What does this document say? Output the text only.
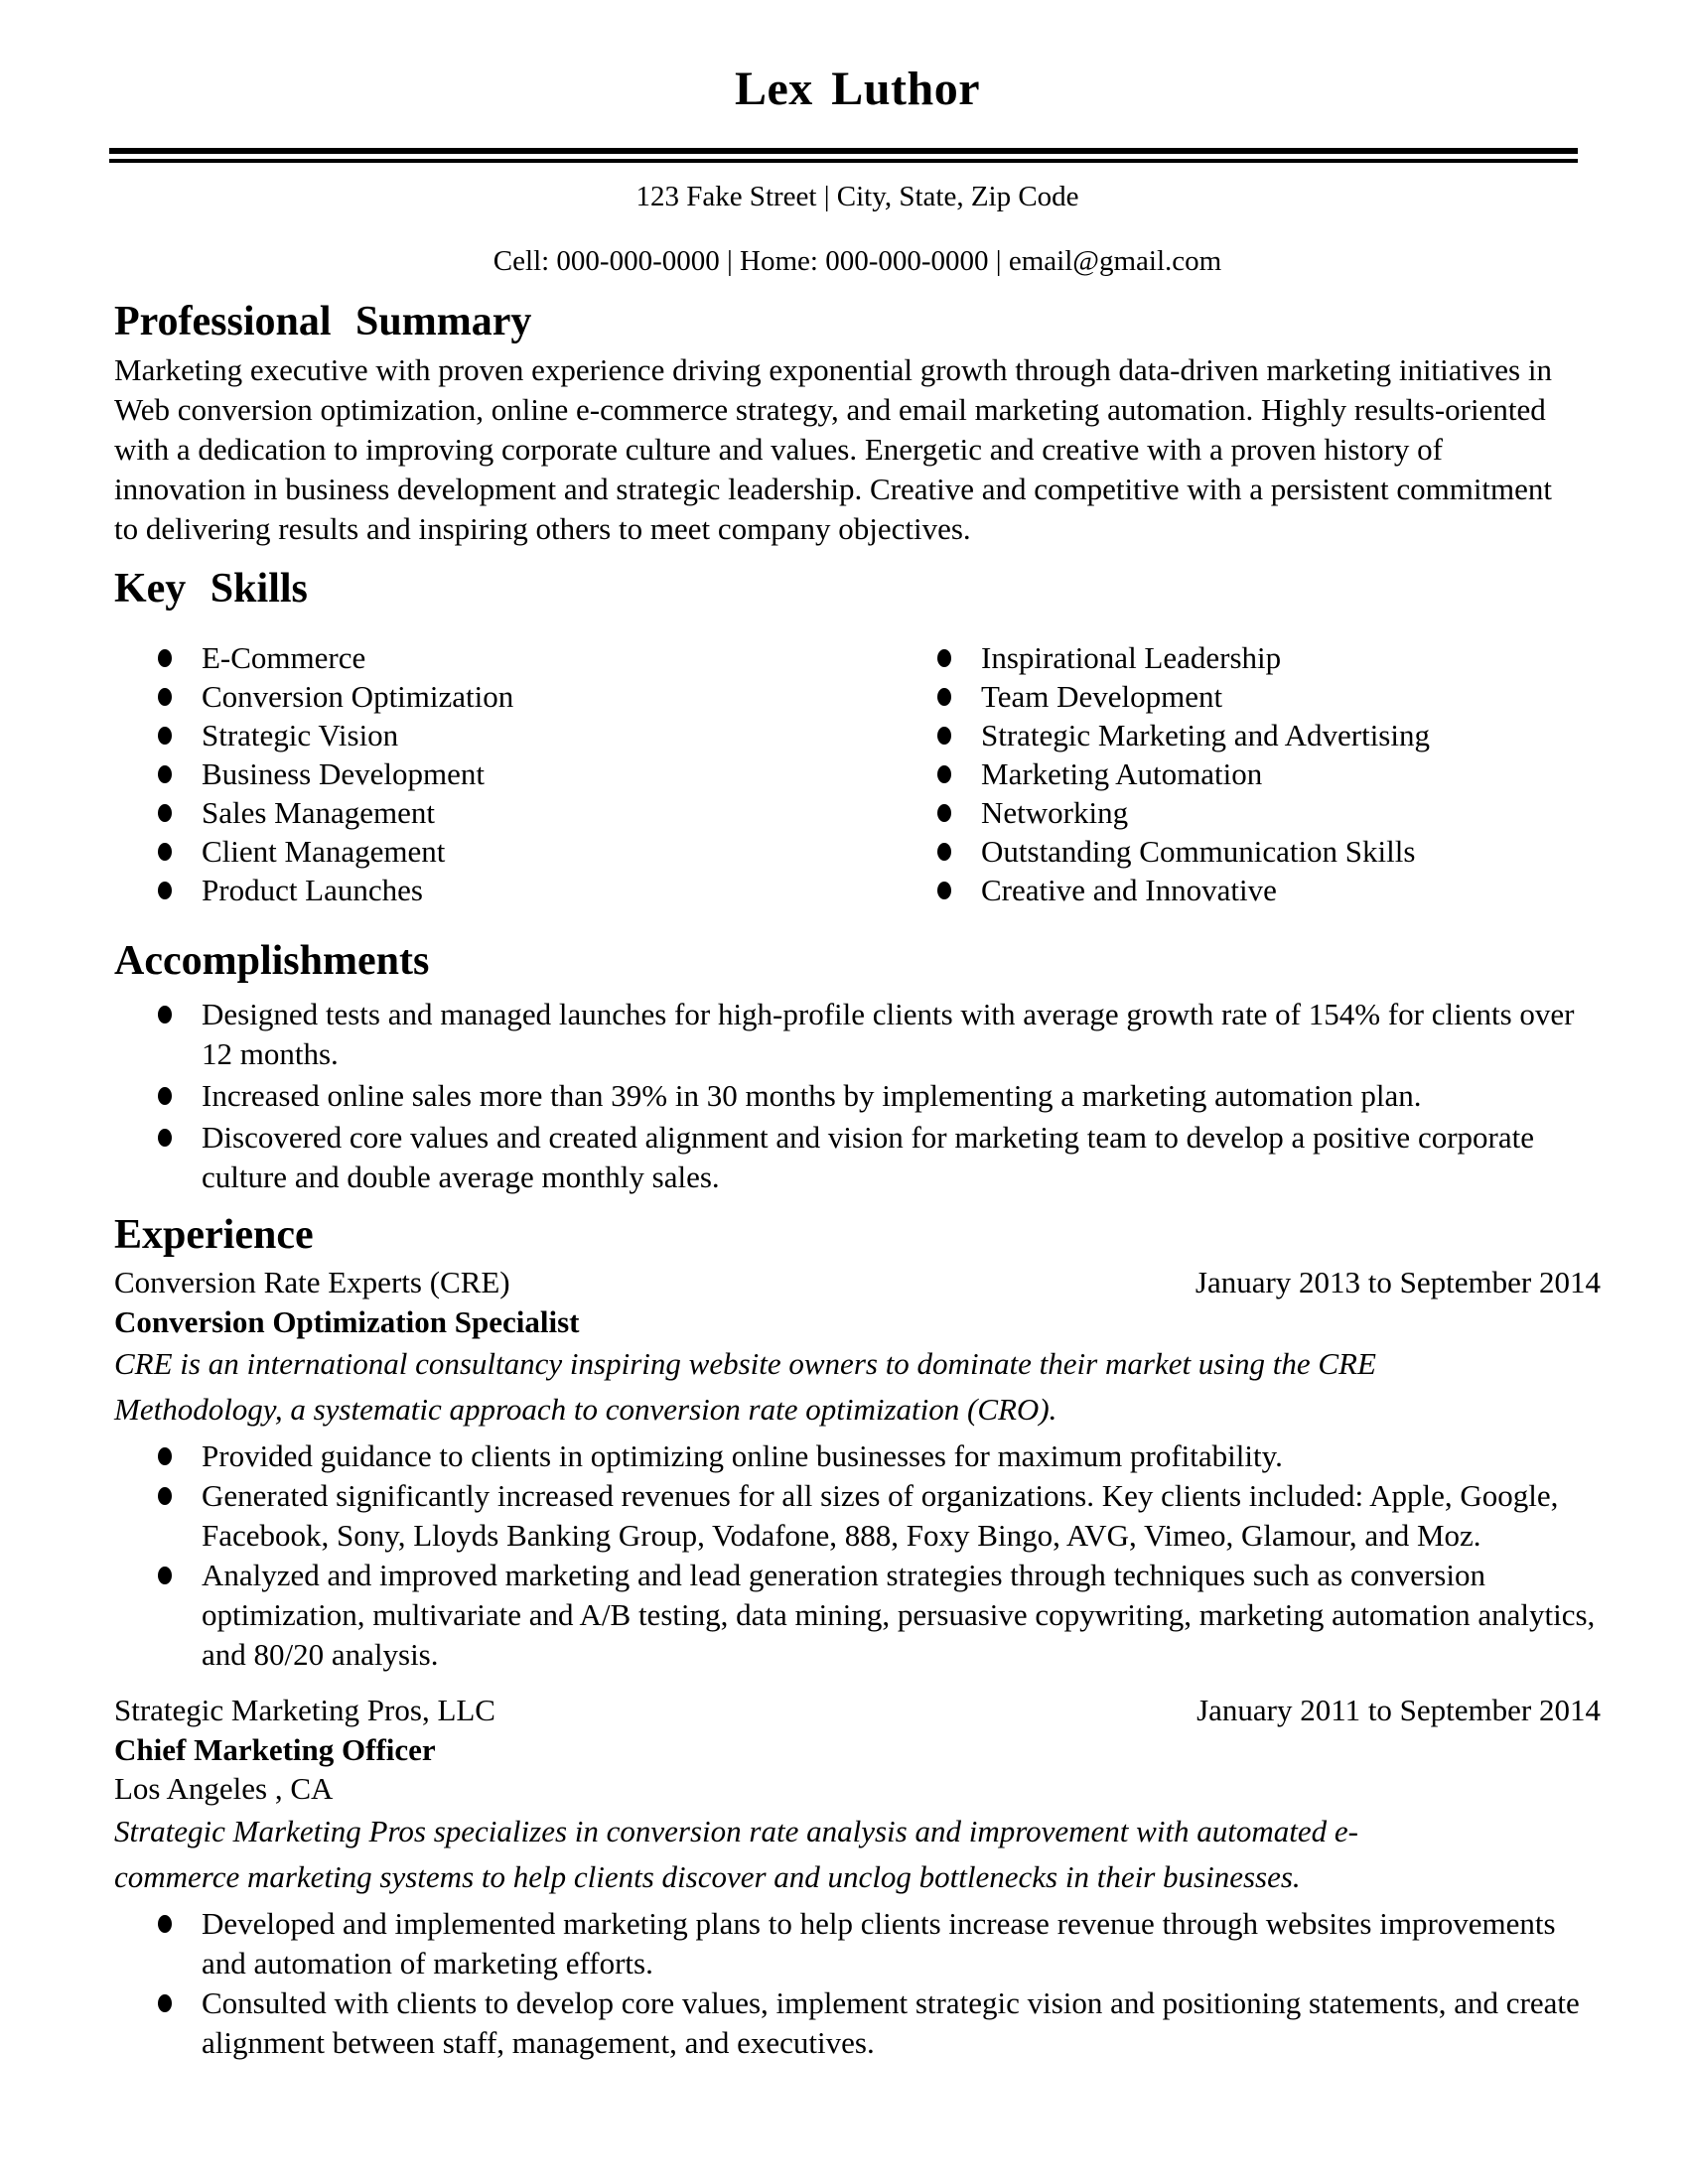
Lex Luthor
123 Fake Street | City, State, Zip Code
Cell: 000-000-0000 | Home: 000-000-0000 | email@gmail.com
Professional Summary

Marketing executive with proven experience driving exponential growth through data-driven marketing initiatives in Web conversion optimization, online e-commerce strategy, and email marketing automation. Highly results-oriented with a dedication to improving corporate culture and values. Energetic and creative with a proven history of innovation in business development and strategic leadership. Creative and competitive with a persistent commitment to delivering results and inspiring others to meet company objectives.

Key Skills
E-Commerce
Conversion Optimization
Strategic Vision
Business Development
Sales Management
Client Management
Product Launches
Inspirational Leadership
Team Development
Strategic Marketing and Advertising
Marketing Automation
Networking
Outstanding Communication Skills
Creative and Innovative
Accomplishments
Designed tests and managed launches for high-profile clients with average growth rate of 154% for clients over 12 months.
Increased online sales more than 39% in 30 months by implementing a marketing automation plan.
Discovered core values and created alignment and vision for marketing team to develop a positive corporate culture and double average monthly sales.
Experience
Conversion Rate Experts (CRE)	January 2013 to September 2014
Conversion Optimization Specialist

CRE is an international consultancy inspiring website owners to dominate their market using the CRE Methodology, a systematic approach to conversion rate optimization (CRO).

Provided guidance to clients in optimizing online businesses for maximum profitability.
Generated significantly increased revenues for all sizes of organizations. Key clients included: Apple, Google, Facebook, Sony, Lloyds Banking Group, Vodafone, 888, Foxy Bingo, AVG, Vimeo, Glamour, and Moz.
Analyzed and improved marketing and lead generation strategies through techniques such as conversion optimization, multivariate and A/B testing, data mining, persuasive copywriting, marketing automation analytics, and 80/20 analysis.
Strategic Marketing Pros, LLC	January 2011 to September 2014
Chief Marketing Officer
Los Angeles , CA

Strategic Marketing Pros specializes in conversion rate analysis and improvement with automated e-commerce marketing systems to help clients discover and unclog bottlenecks in their businesses.

Developed and implemented marketing plans to help clients increase revenue through websites improvements and automation of marketing efforts.
Consulted with clients to develop core values, implement strategic vision and positioning statements, and create alignment between staff, management, and executives.
